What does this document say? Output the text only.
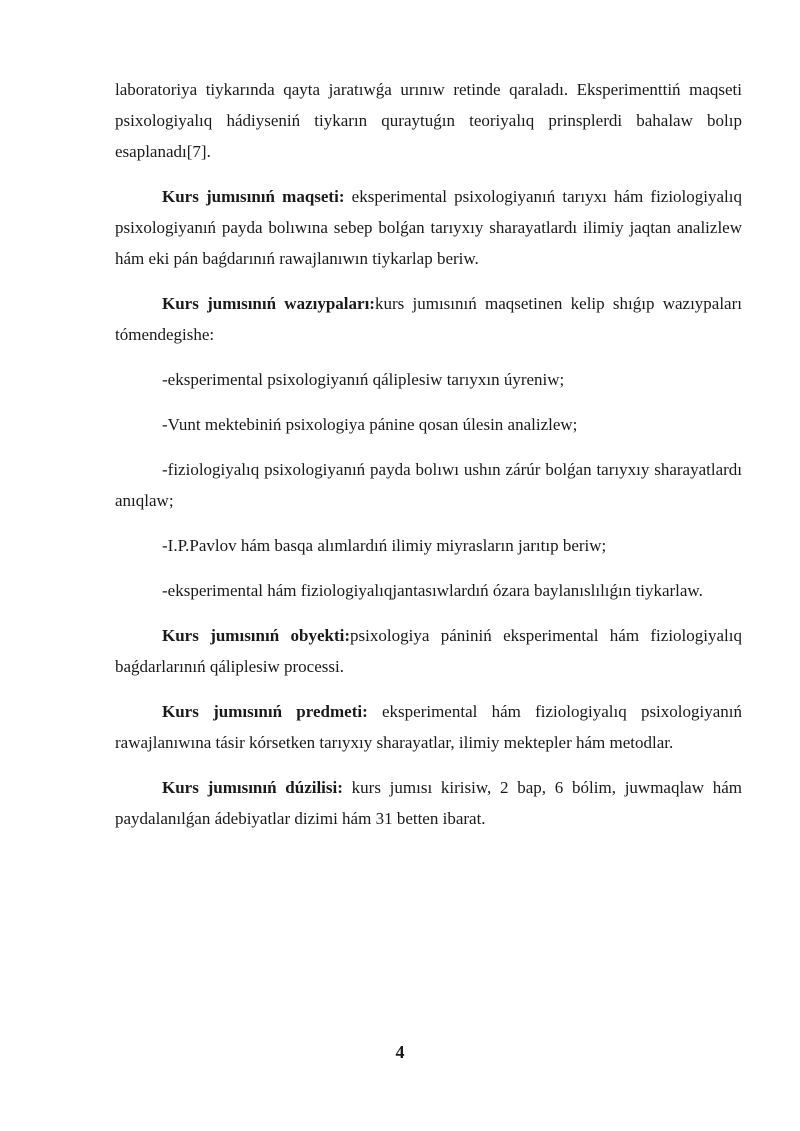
laboratoriya tiykarında qayta jaratıwǵa urınıw retinde qaraladı. Eksperimenttiń maqseti psixologiyalıq hádiyseniń tiykarın quraytuǵın teoriyalıq prinsplerdi bahalaw bolıp esaplanadı[7].

Kurs jumısınıń maqseti: eksperimental psixologiyanıń tarıyxı hám fiziologiyalıq psixologiyanıń payda bolıwına sebep bolǵan tarıyxıy sharayatlardı ilimiy jaqtan analizlew hám eki pán baǵdarınıń rawajlanıwın tiykarlap beriw.

Kurs jumısınıń wazıypaları:kurs jumısınıń maqsetinen kelip shıǵıp wazıypaları tómendegishe:

-eksperimental psixologiyanıń qáliplesiw tarıyxın úyreniw;

-Vunt mektebiniń psixologiya pánine qosan úlesin analizlew;

-fiziologiyalıq psixologiyanıń payda bolıwı ushın zárúr bolǵan tarıyxıy sharayatlardı anıqlaw;

-I.P.Pavlov hám basqa alımlardıń ilimiy miyrasların jarıtıp beriw;

-eksperimental hám fiziologiyalıqjantasıwlardıń ózara baylanıslılıǵın tiykarlaw.

Kurs jumısınıń obyekti:psixologiya pániniń eksperimental hám fiziologiyalıq baǵdarlarınıń qáliplesiw processi.

Kurs jumısınıń predmeti: eksperimental hám fiziologiyalıq psixologiyanıń rawajlanıwına tásir kórsetken tarıyxıy sharayatlar, ilimiy mektepler hám metodlar.

Kurs jumısınıń dúzilisi: kurs jumısı kirisiw, 2 bap, 6 bólim, juwmaqlaw hám paydalanılǵan ádebiyatlar dizimi hám 31 betten ibarat.

4
